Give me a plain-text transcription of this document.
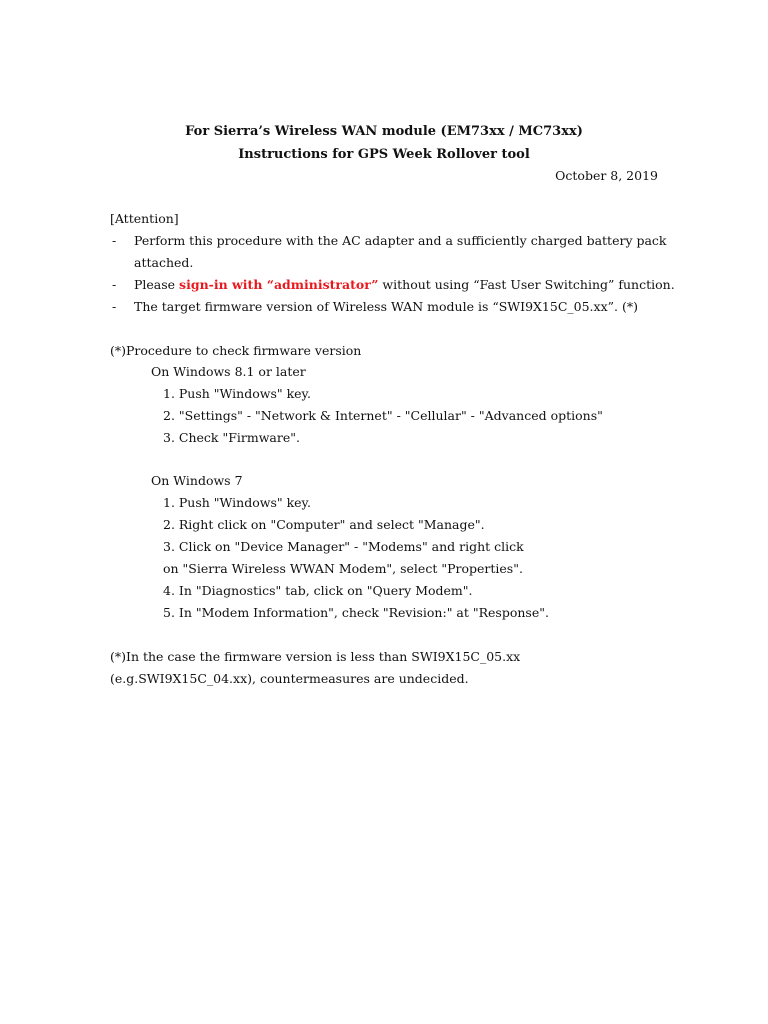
For Sierra’s Wireless WAN module (EM73xx / MC73xx)
Instructions for GPS Week Rollover tool
October 8, 2019
[Attention]
- Perform this procedure with the AC adapter and a sufficiently charged battery pack
attached.
- Please sign-in with “administrator” without using “Fast User Switching” function.
- The target firmware version of Wireless WAN module is “SWI9X15C_05.xx”. (*)
(*)Procedure to check firmware version
On Windows 8.1 or later
1. Push "Windows" key.
2. "Settings" - "Network & Internet" - "Cellular" - "Advanced options"
3. Check "Firmware".
On Windows 7
1. Push "Windows" key.
2. Right click on "Computer" and select "Manage".
3. Click on "Device Manager" - "Modems" and right click
on "Sierra Wireless WWAN Modem", select "Properties".
4. In "Diagnostics" tab, click on "Query Modem".
5. In "Modem Information", check "Revision:" at "Response".
(*)In the case the firmware version is less than SWI9X15C_05.xx
(e.g.SWI9X15C_04.xx), countermeasures are undecided.
